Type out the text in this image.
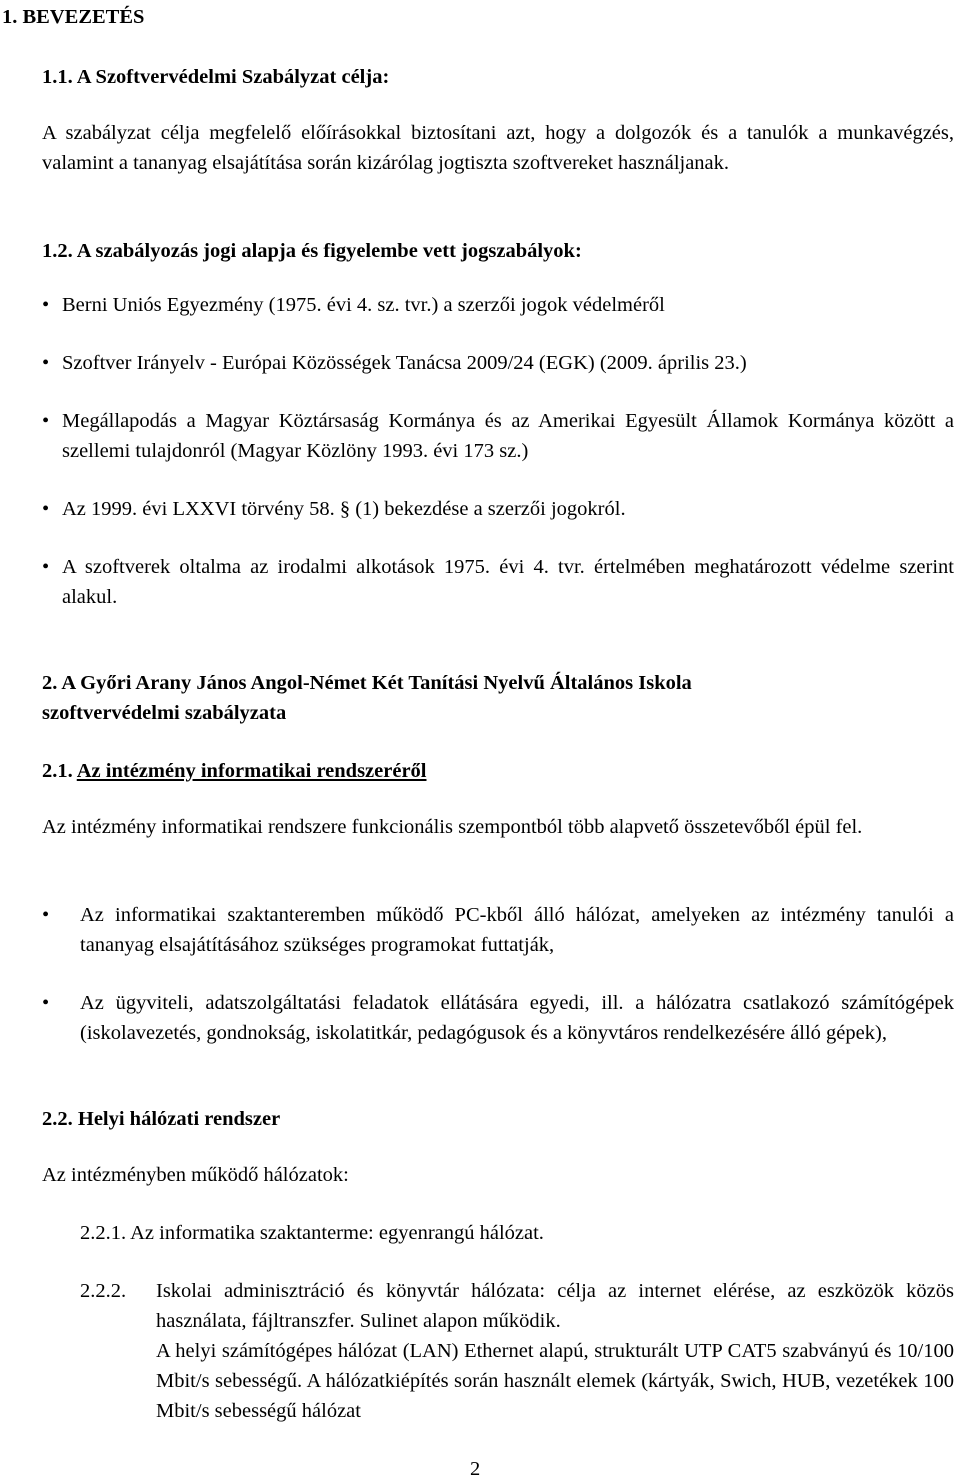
1. BEVEZETÉS
1.1. A Szoftvervédelmi Szabályzat célja:
A szabályzat célja megfelelő előírásokkal biztosítani azt, hogy a dolgozók és a tanulók a munkavégzés, valamint a tananyag elsajátítása során kizárólag jogtiszta szoftvereket használjanak.
1.2. A szabályozás jogi alapja és figyelembe vett jogszabályok:
• Berni Uniós Egyezmény (1975. évi 4. sz. tvr.) a szerzői jogok védelméről
• Szoftver Irányelv - Európai Közösségek Tanácsa 2009/24 (EGK) (2009. április 23.)
• Megállapodás a Magyar Köztársaság Kormánya és az Amerikai Egyesült Államok Kormánya között a szellemi tulajdonról (Magyar Közlöny 1993. évi 173 sz.)
• Az 1999. évi LXXVI törvény 58. § (1) bekezdése a szerzői jogokról.
• A szoftverek oltalma az irodalmi alkotások 1975. évi 4. tvr. értelmében meghatározott védelme szerint alakul.
2. A Győri Arany János Angol-Német Két Tanítási Nyelvű Általános Iskola
szoftvervédelmi szabályzata
2.1. Az intézmény informatikai rendszeréről
Az intézmény informatikai rendszere funkcionális szempontból több alapvető összetevőből épül fel.
•	Az informatikai szaktanteremben működő PC-kből álló hálózat, amelyeken az intézmény tanulói a tananyag elsajátításához szükséges programokat futtatják,
•	Az ügyviteli, adatszolgáltatási feladatok ellátására egyedi, ill. a hálózatra csatlakozó számítógépek (iskolavezetés, gondnokság, iskolatitkár, pedagógusok és a könyvtáros rendelkezésére álló gépek),
2.2. Helyi hálózati rendszer
Az intézményben működő hálózatok:
2.2.1. Az informatika szaktanterme: egyenrangú hálózat.
2.2.2. Iskolai adminisztráció és könyvtár hálózata: célja az internet elérése, az eszközök közös használata, fájltranszfer. Sulinet alapon működik.
A helyi számítógépes hálózat (LAN) Ethernet alapú, strukturált UTP CAT5 szabványú és 10/100 Mbit/s sebességű. A hálózatkiépítés során használt elemek (kártyák, Swich, HUB, vezetékek 100 Mbit/s sebességű hálózat
2
